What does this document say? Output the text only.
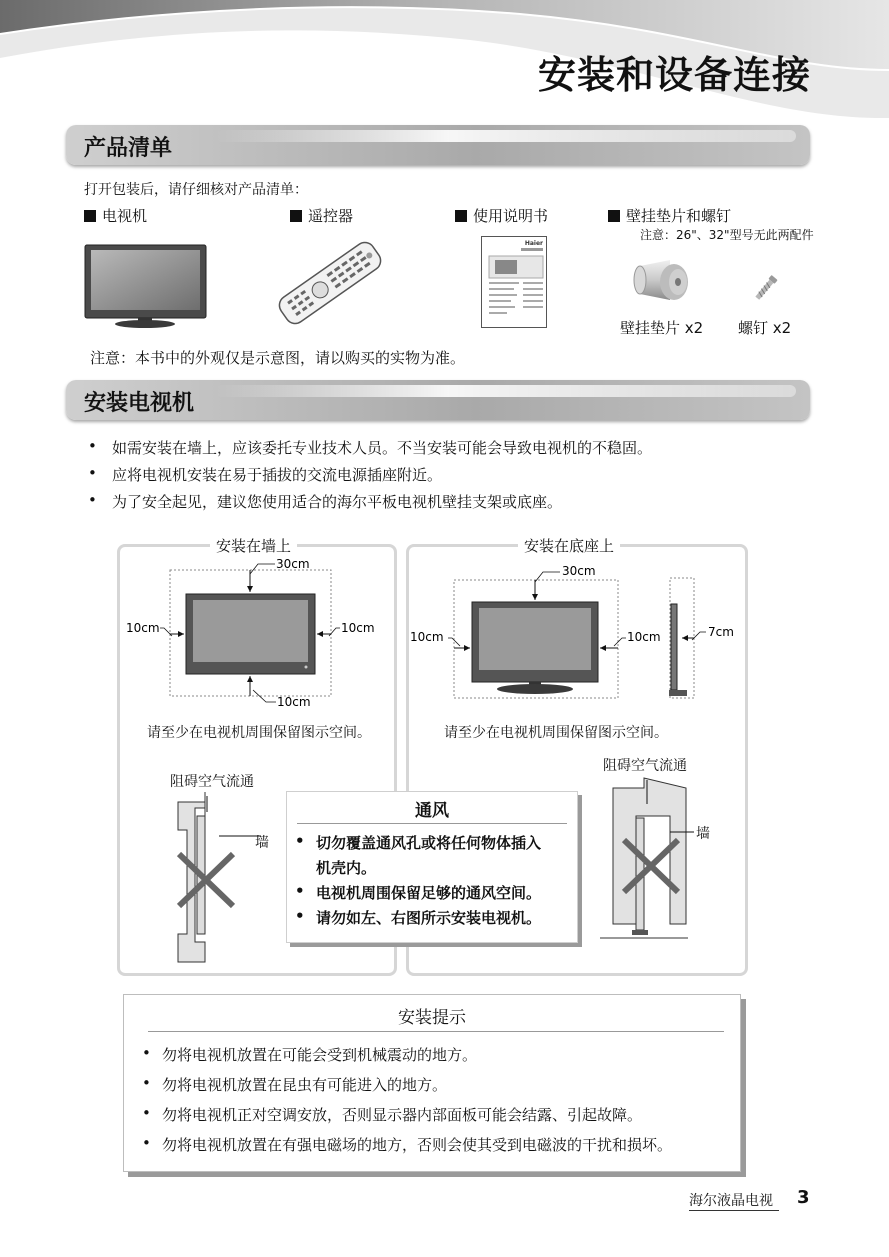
安装和设备连接
产品清单
打开包装后，请仔细核对产品清单：
电视机	遥控器	使用说明书	壁挂垫片和螺钉
注意：26"、32"型号无此两配件
Haier
壁挂垫片 x2 螺钉 x2
注意：本书中的外观仅是示意图，请以购买的实物为准。
安装电视机
• 如需安装在墙上，应该委托专业技术人员。不当安装可能会导致电视机的不稳固。
• 应将电视机安装在易于插拔的交流电源插座附近。
• 为了安全起见，建议您使用适合的海尔平板电视机壁挂支架或底座。
安装在墙上
30cm
10cm
10cm	10cm
请至少在电视机周围保留图示空间。
阻碍空气流通
墙
安装在底座上
30cm
10cm	10cm	7cm
请至少在电视机周围保留图示空间。
阻碍空气流通
墙
通风
• 切勿覆盖通风孔或将任何物体插入
机壳内。
• 电视机周围保留足够的通风空间。
• 请勿如左、右图所示安装电视机。
安装提示
• 勿将电视机放置在可能会受到机械震动的地方。
• 勿将电视机放置在昆虫有可能进入的地方。
• 勿将电视机正对空调安放，否则显示器内部面板可能会结露、引起故障。
• 勿将电视机放置在有强电磁场的地方，否则会使其受到电磁波的干扰和损坏。
海尔液晶电视 3
